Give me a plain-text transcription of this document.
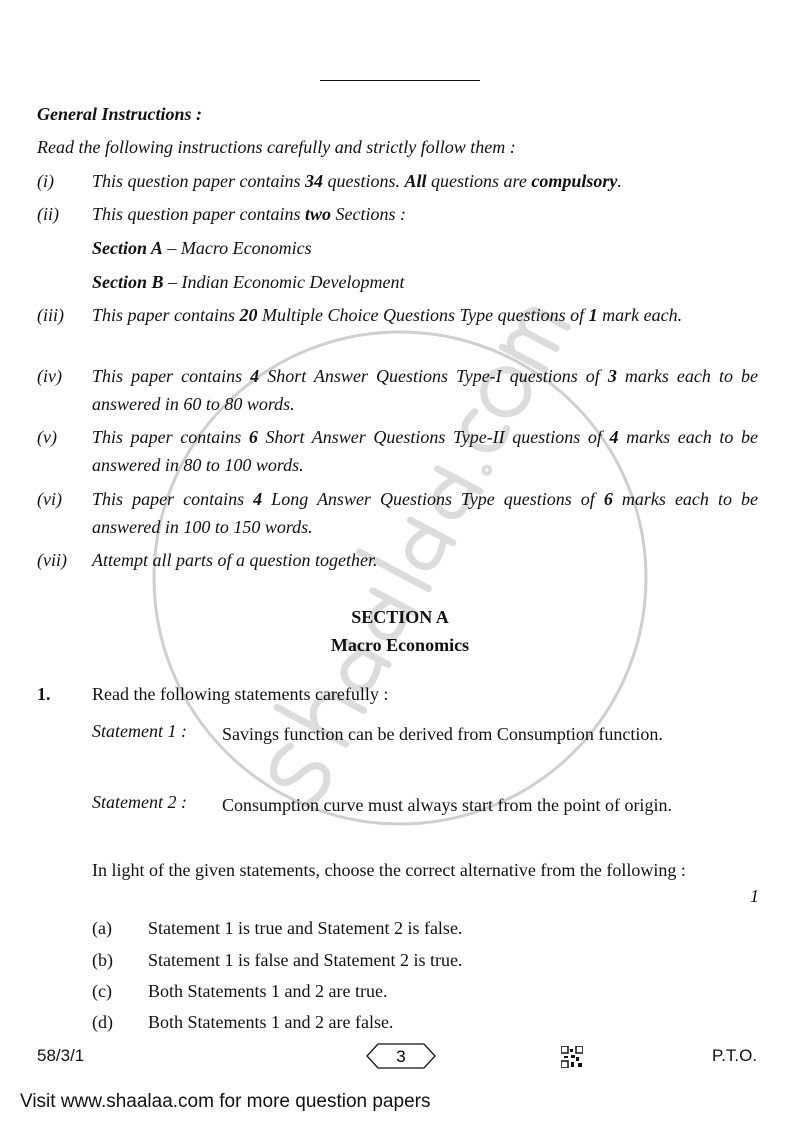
General Instructions :
Read the following instructions carefully and strictly follow them :
(i) This question paper contains 34 questions. All questions are compulsory.
(ii) This question paper contains two Sections :
Section A – Macro Economics
Section B – Indian Economic Development
(iii) This paper contains 20 Multiple Choice Questions Type questions of 1 mark each.
(iv) This paper contains 4 Short Answer Questions Type-I questions of 3 marks each to be answered in 60 to 80 words.
(v) This paper contains 6 Short Answer Questions Type-II questions of 4 marks each to be answered in 80 to 100 words.
(vi) This paper contains 4 Long Answer Questions Type questions of 6 marks each to be answered in 100 to 150 words.
(vii) Attempt all parts of a question together.
SECTION A
Macro Economics
1. Read the following statements carefully :
Statement 1 : Savings function can be derived from Consumption function.
Statement 2 : Consumption curve must always start from the point of origin.
In light of the given statements, choose the correct alternative from the following :
1
(a) Statement 1 is true and Statement 2 is false.
(b) Statement 1 is false and Statement 2 is true.
(c) Both Statements 1 and 2 are true.
(d) Both Statements 1 and 2 are false.
58/3/1	3	P.T.O.
Visit www.shaalaa.com for more question papers
